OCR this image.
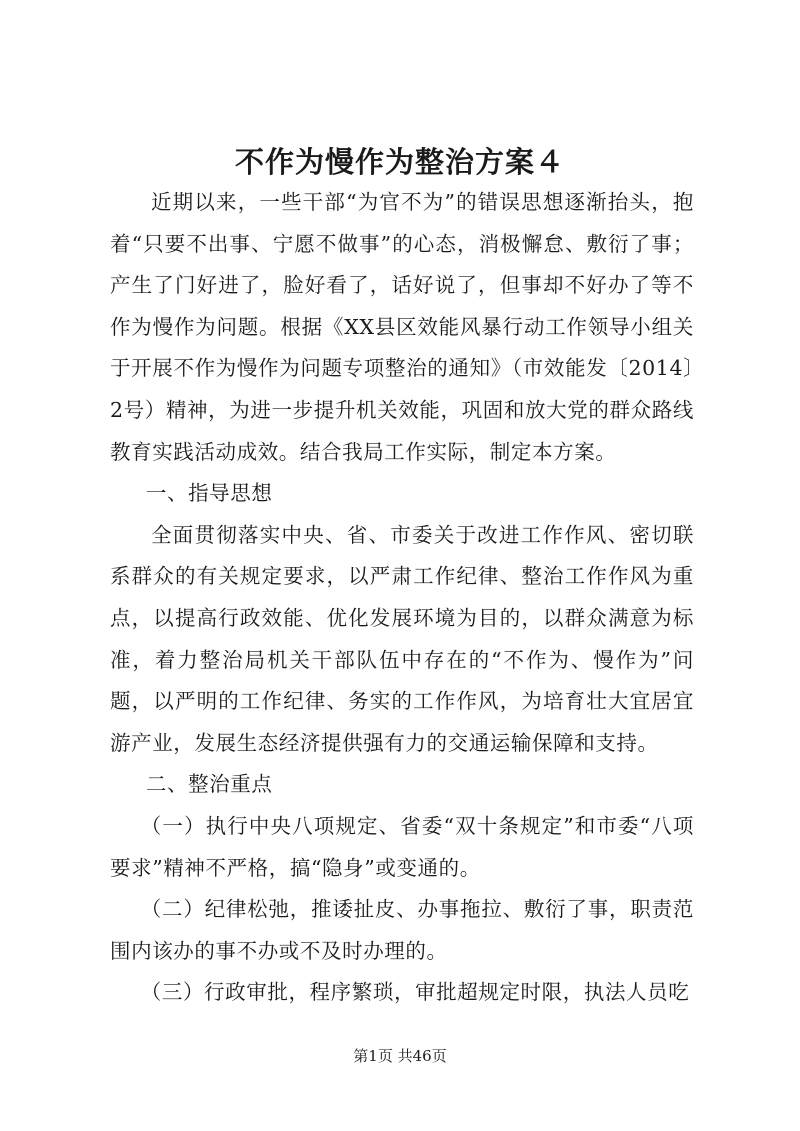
不作为慢作为整治方案４

近期以来，一些干部“为官不为”的错误思想逐渐抬头，抱着“只要不出事、宁愿不做事”的心态，消极懈怠、敷衍了事；产生了门好进了，脸好看了，话好说了，但事却不好办了等不作为慢作为问题。根据《XX县区效能风暴行动工作领导小组关于开展不作为慢作为问题专项整治的通知》（市效能发〔2014〕2号）精神，为进一步提升机关效能，巩固和放大党的群众路线教育实践活动成效。结合我局工作实际，制定本方案。

一、指导思想

全面贯彻落实中央、省、市委关于改进工作作风、密切联系群众的有关规定要求，以严肃工作纪律、整治工作作风为重点，以提高行政效能、优化发展环境为目的，以群众满意为标准，着力整治局机关干部队伍中存在的“不作为、慢作为”问题，以严明的工作纪律、务实的工作作风，为培育壮大宜居宜游产业，发展生态经济提供强有力的交通运输保障和支持。

二、整治重点

（一）执行中央八项规定、省委“双十条规定”和市委“八项要求”精神不严格，搞“隐身”或变通的。

（二）纪律松弛，推诿扯皮、办事拖拉、敷衍了事，职责范围内该办的事不办或不及时办理的。

（三）行政审批，程序繁琐，审批超规定时限，执法人员吃

第1页 共46页
